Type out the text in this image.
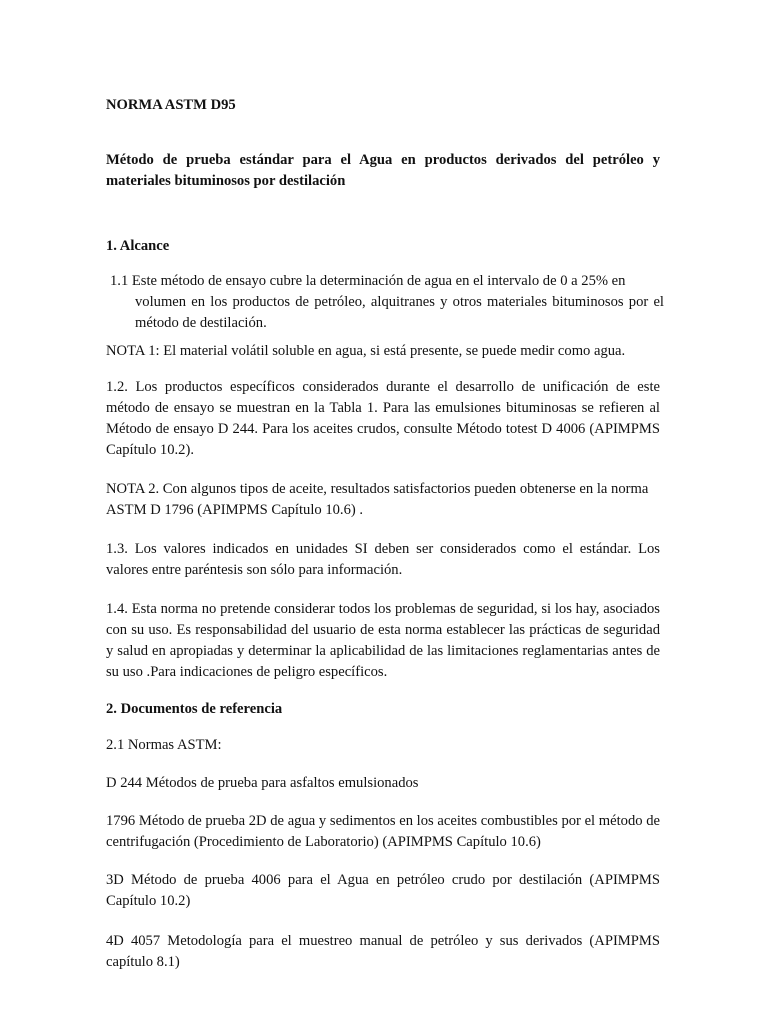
NORMA ASTM D95

Método de prueba estándar para el Agua en productos derivados del petróleo y materiales bituminosos por destilación

1. Alcance

1.1 Este método de ensayo cubre la determinación de agua en el intervalo de 0 a 25% en
volumen en los productos de petróleo, alquitranes y otros materiales bituminosos por el método de destilación.

NOTA 1: El material volátil soluble en agua, si está presente, se puede medir como agua.

1.2. Los productos específicos considerados durante el desarrollo de unificación de este método de ensayo se muestran en la Tabla 1. Para las emulsiones bituminosas se refieren al Método de ensayo D 244. Para los aceites crudos, consulte Método totest D 4006 (APIMPMS Capítulo 10.2).

NOTA 2. Con algunos tipos de aceite, resultados satisfactorios pueden obtenerse en la norma ASTM D 1796 (APIMPMS Capítulo 10.6) .

1.3. Los valores indicados en unidades SI deben ser considerados como el estándar. Los valores entre paréntesis son sólo para información.

1.4. Esta norma no pretende considerar todos los problemas de seguridad, si los hay, asociados con su uso. Es responsabilidad del usuario de esta norma establecer las prácticas de seguridad y salud en apropiadas y determinar la aplicabilidad de las limitaciones reglamentarias antes de su uso .Para indicaciones de peligro específicos.

2. Documentos de referencia

2.1 Normas ASTM:

D 244 Métodos de prueba para asfaltos emulsionados

1796 Método de prueba 2D de agua y sedimentos en los aceites combustibles por el método de centrifugación (Procedimiento de Laboratorio) (APIMPMS Capítulo 10.6)

3D Método de prueba 4006 para el Agua en petróleo crudo por destilación (APIMPMS Capítulo 10.2)

4D 4057 Metodología para el muestreo manual de petróleo y sus derivados (APIMPMS capítulo 8.1)
